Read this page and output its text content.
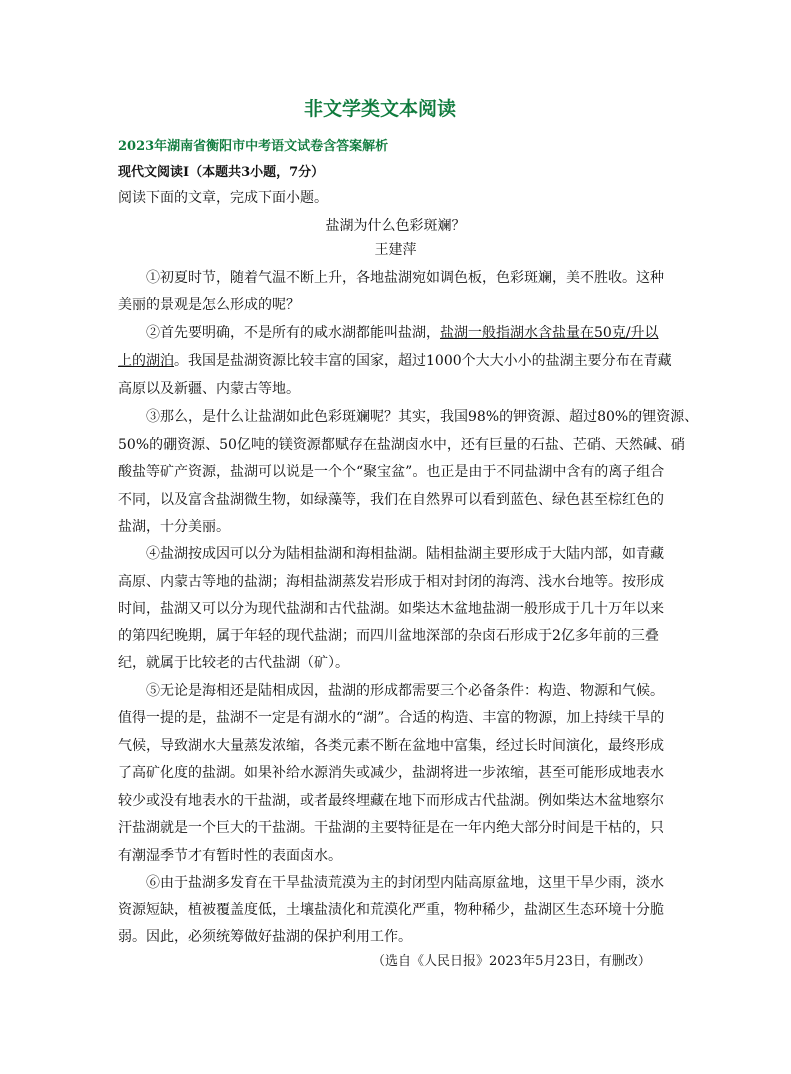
非文学类文本阅读
2023年湖南省衡阳市中考语文试卷含答案解析
现代文阅读Ⅰ（本题共3小题，7分）
阅读下面的文章，完成下面小题。
盐湖为什么色彩斑斓？
王建萍
①初夏时节，随着气温不断上升，各地盐湖宛如调色板，色彩斑斓，美不胜收。这种
美丽的景观是怎么形成的呢？
②首先要明确，不是所有的咸水湖都能叫盐湖，盐湖一般指湖水含盐量在50克/升以
上的湖泊。我国是盐湖资源比较丰富的国家，超过1000个大大小小的盐湖主要分布在青藏
高原以及新疆、内蒙古等地。
③那么，是什么让盐湖如此色彩斑斓呢？其实，我国98%的钾资源、超过80%的锂资源、
50%的硼资源、50亿吨的镁资源都赋存在盐湖卤水中，还有巨量的石盐、芒硝、天然碱、硝
酸盐等矿产资源，盐湖可以说是一个个“聚宝盆”。也正是由于不同盐湖中含有的离子组合
不同，以及富含盐湖微生物，如绿藻等，我们在自然界可以看到蓝色、绿色甚至棕红色的
盐湖，十分美丽。
④盐湖按成因可以分为陆相盐湖和海相盐湖。陆相盐湖主要形成于大陆内部，如青藏
高原、内蒙古等地的盐湖；海相盐湖蒸发岩形成于相对封闭的海湾、浅水台地等。按形成
时间，盐湖又可以分为现代盐湖和古代盐湖。如柴达木盆地盐湖一般形成于几十万年以来
的第四纪晚期，属于年轻的现代盐湖；而四川盆地深部的杂卤石形成于2亿多年前的三叠
纪，就属于比较老的古代盐湖（矿）。
⑤无论是海相还是陆相成因，盐湖的形成都需要三个必备条件：构造、物源和气候。
值得一提的是，盐湖不一定是有湖水的“湖”。合适的构造、丰富的物源，加上持续干旱的
气候，导致湖水大量蒸发浓缩，各类元素不断在盆地中富集，经过长时间演化，最终形成
了高矿化度的盐湖。如果补给水源消失或减少，盐湖将进一步浓缩，甚至可能形成地表水
较少或没有地表水的干盐湖，或者最终埋藏在地下而形成古代盐湖。例如柴达木盆地察尔
汗盐湖就是一个巨大的干盐湖。干盐湖的主要特征是在一年内绝大部分时间是干枯的，只
有潮湿季节才有暂时性的表面卤水。
⑥由于盐湖多发育在干旱盐渍荒漠为主的封闭型内陆高原盆地，这里干旱少雨，淡水
资源短缺，植被覆盖度低，土壤盐渍化和荒漠化严重，物种稀少，盐湖区生态环境十分脆
弱。因此，必须统筹做好盐湖的保护利用工作。
（选自《人民日报》2023年5月23日，有删改）
